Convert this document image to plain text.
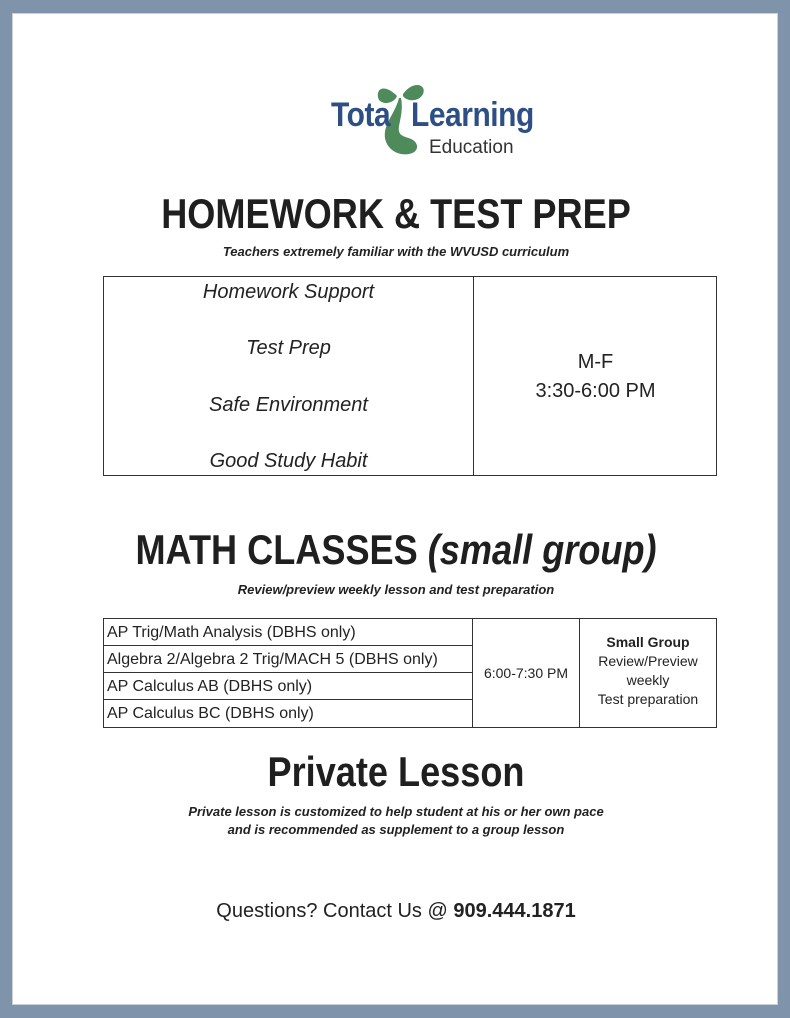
Tota Learning
Education
HOMEWORK & TEST PREP
Teachers extremely familiar with the WVUSD curriculum
Homework Support
Test Prep
Safe Environment
Good Study Habit
M-F
3:30-6:00 PM
MATH CLASSES (small group)
Review/preview weekly lesson and test preparation
AP Trig/Math Analysis (DBHS only)
Algebra 2/Algebra 2 Trig/MACH 5 (DBHS only)
AP Calculus AB (DBHS only)
AP Calculus BC (DBHS only)
6:00-7:30 PM
Small Group
Review/Preview
weekly
Test preparation
Private Lesson
Private lesson is customized to help student at his or her own pace
and is recommended as supplement to a group lesson
Questions? Contact Us @ 909.444.1871
